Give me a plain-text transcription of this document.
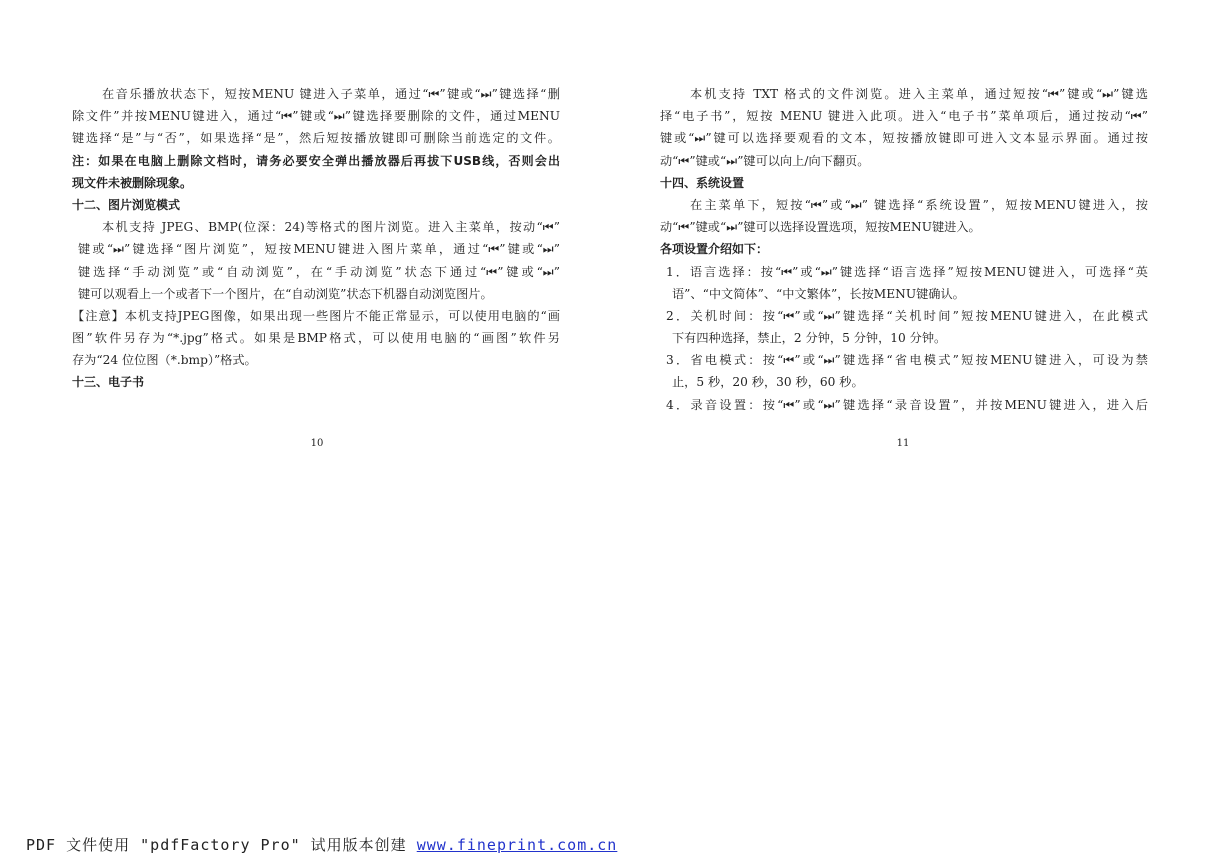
在音乐播放状态下，短按MENU 键进入子菜单，通过“⏮”键或“⏭”键选择“删
除文件”并按MENU键进入，通过“⏮”键或“⏭”键选择要删除的文件，通过MENU
键选择“是”与“否”，如果选择“是”，然后短按播放键即可删除当前选定的文件。
注：如果在电脑上删除文档时，请务必要安全弹出播放器后再拔下USB线，否则会出
现文件未被删除现象。
十二、图片浏览模式
本机支持 JPEG、BMP(位深：24)等格式的图片浏览。进入主菜单，按动“⏮”
键或“⏭”键选择“图片浏览”，短按MENU键进入图片菜单，通过“⏮”键或“⏭”
键选择“手动浏览”或“自动浏览”，在“手动浏览”状态下通过“⏮”键或“⏭”
键可以观看上一个或者下一个图片，在“自动浏览”状态下机器自动浏览图片。
【注意】本机支持JPEG图像，如果出现一些图片不能正常显示，可以使用电脑的“画
图”软件另存为“*.jpg”格式。如果是BMP格式，可以使用电脑的“画图”软件另
存为“24 位位图（*.bmp）”格式。
十三、电子书
10
本机支持 TXT 格式的文件浏览。进入主菜单，通过短按“⏮”键或“⏭”键选
择“电子书”，短按 MENU 键进入此项。进入“电子书”菜单项后，通过按动“⏮”
键或“⏭”键可以选择要观看的文本，短按播放键即可进入文本显示界面。通过按
动“⏮”键或“⏭”键可以向上/向下翻页。
十四、系统设置
在主菜单下，短按“⏮”或“⏭” 键选择“系统设置”，短按MENU键进入，按
动“⏮”键或“⏭”键可以选择设置选项，短按MENU键进入。
各项设置介绍如下：
1．语言选择：按“⏮”或“⏭”键选择“语言选择”短按MENU键进入，可选择“英
语”、“中文简体”、“中文繁体”，长按MENU键确认。
2．关机时间：按“⏮”或“⏭”键选择“关机时间”短按MENU键进入，在此模式
下有四种选择，禁止，2 分钟，5 分钟，10 分钟。
3．省电模式：按“⏮”或“⏭”键选择“省电模式”短按MENU键进入，可设为禁
止，5 秒，20 秒，30 秒，60 秒。
4．录音设置：按“⏮”或“⏭”键选择“录音设置”，并按MENU键进入，进入后
11
PDF 文件使用 "pdfFactory Pro" 试用版本创建 www.fineprint.com.cn
